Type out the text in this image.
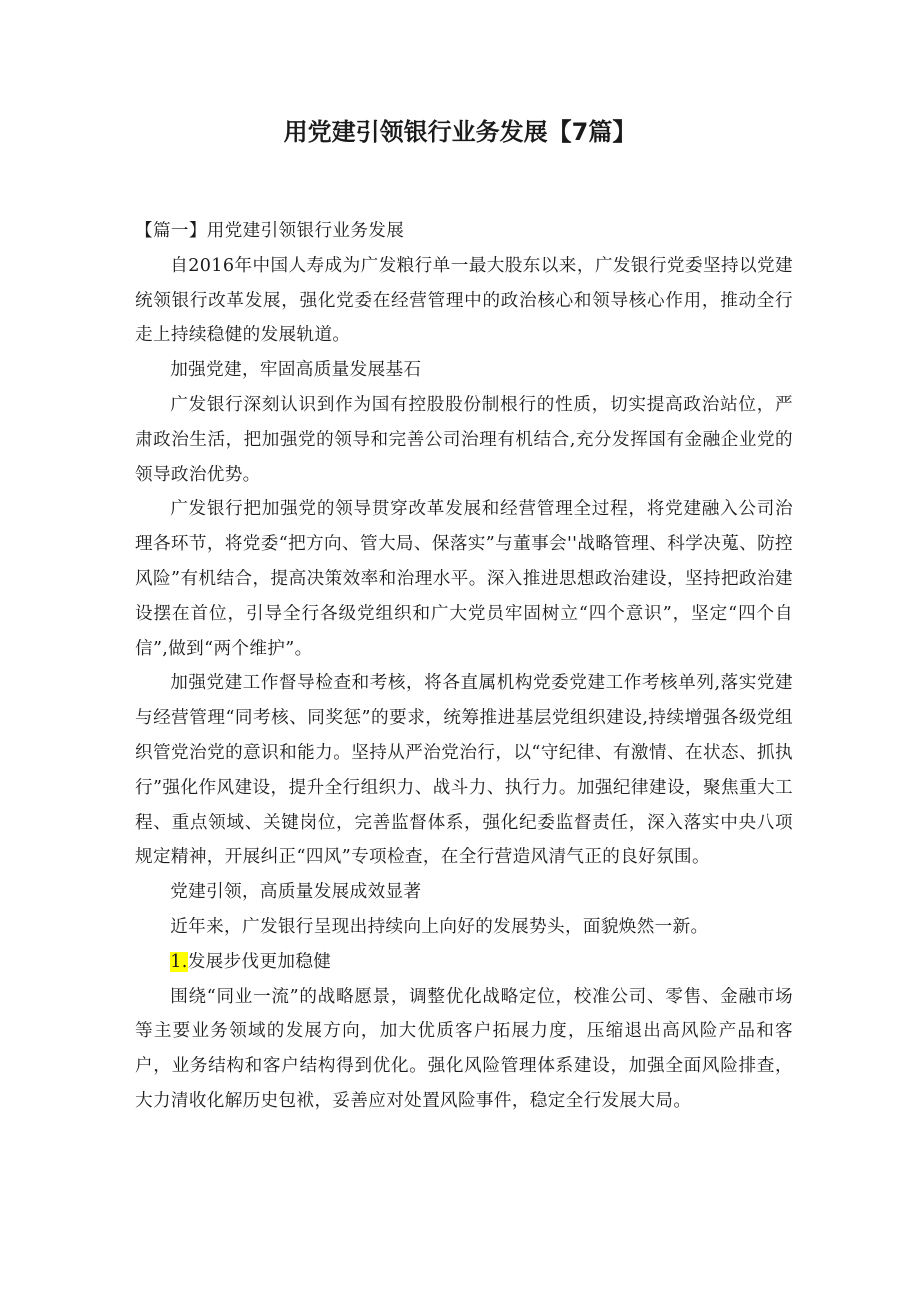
用党建引领银行业务发展【7篇】

【篇一】用党建引领银行业务发展

自2016年中国人寿成为广发粮行单一最大股东以来，广发银行党委坚持以党建统领银行改革发展，强化党委在经营管理中的政治核心和领导核心作用，推动全行走上持续稳健的发展轨道。

加强党建，牢固高质量发展基石

广发银行深刻认识到作为国有控股股份制根行的性质，切实提高政治站位，严肃政治生活，把加强党的领导和完善公司治理有机结合,充分发挥国有金融企业党的领导政治优势。

广发银行把加强党的领导贯穿改革发展和经营管理全过程，将党建融入公司治理各环节，将党委“把方向、管大局、保落实”与董事会''战略管理、科学决蒐、防控风险”有机结合，提高决策效率和治理水平。深入推进思想政治建设，坚持把政治建设摆在首位，引导全行各级党组织和广大党员牢固树立“四个意识”，坚定“四个自信”,做到“两个维护”。

加强党建工作督导检查和考核，将各直属机构党委党建工作考核单列,落实党建与经营管理“同考核、同奖惩”的要求，统筹推进基层党组织建设,持续增强各级党组织管党治党的意识和能力。坚持从严治党治行，以“守纪律、有激情、在状态、抓执行”强化作风建设，提升全行组织力、战斗力、执行力。加强纪律建设，聚焦重大工程、重点领域、关键岗位，完善监督体系，强化纪委监督责任，深入落实中央八项规定精神，开展纠正“四风”专项检查，在全行营造风清气正的良好氛围。

党建引领，高质量发展成效显著

近年来，广发银行呈现出持续向上向好的发展势头，面貌焕然一新。

1.发展步伐更加稳健

围绕“同业一流”的战略愿景，调整优化战略定位，校准公司、零售、金融市场等主要业务领域的发展方向，加大优质客户拓展力度，压缩退出高风险产品和客户，业务结构和客户结构得到优化。强化风险管理体系建设，加强全面风险排查，大力清收化解历史包袱，妥善应对处置风险事件，稳定全行发展大局。
